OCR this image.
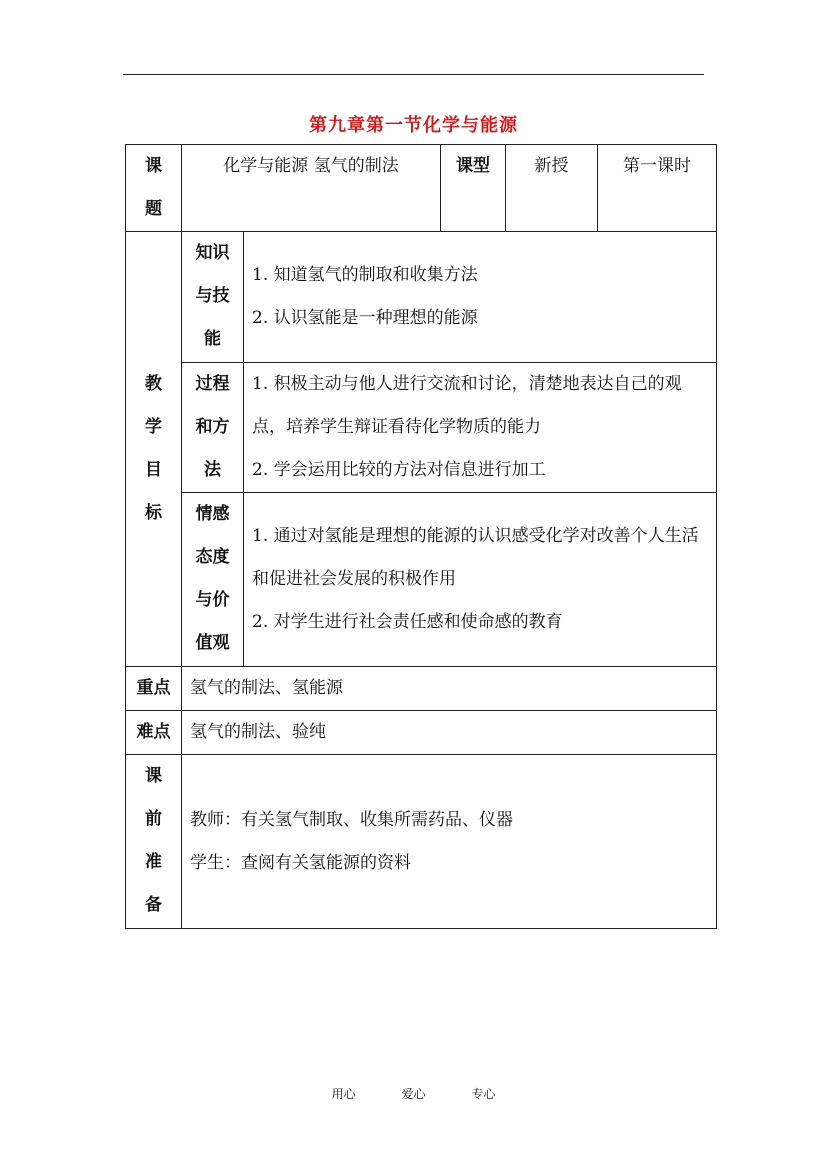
第九章第一节化学与能源
课题	化学与能源 氢气的制法		课型	新授	第一课时

教学目标	知识与技能	1. 知道氢气的制取和收集方法
2. 认识氢能是一种理想的能源			

	过程和方法	1. 积极主动与他人进行交流和讨论，清楚地表达自己的观点，培养学生辩证看待化学物质的能力
2. 学会运用比较的方法对信息进行加工			

	情感态度与价值观	1. 通过对氢能是理想的能源的认识感受化学对改善个人生活和促进社会发展的积极作用
2. 对学生进行社会责任感和使命感的教育			

重点	氢气的制法、氢能源				
难点	氢气的制法、验纯				

课前准备	教师：有关氢气制取、收集所需药品、仪器
学生：查阅有关氢能源的资料				
用心	爱心	专心
